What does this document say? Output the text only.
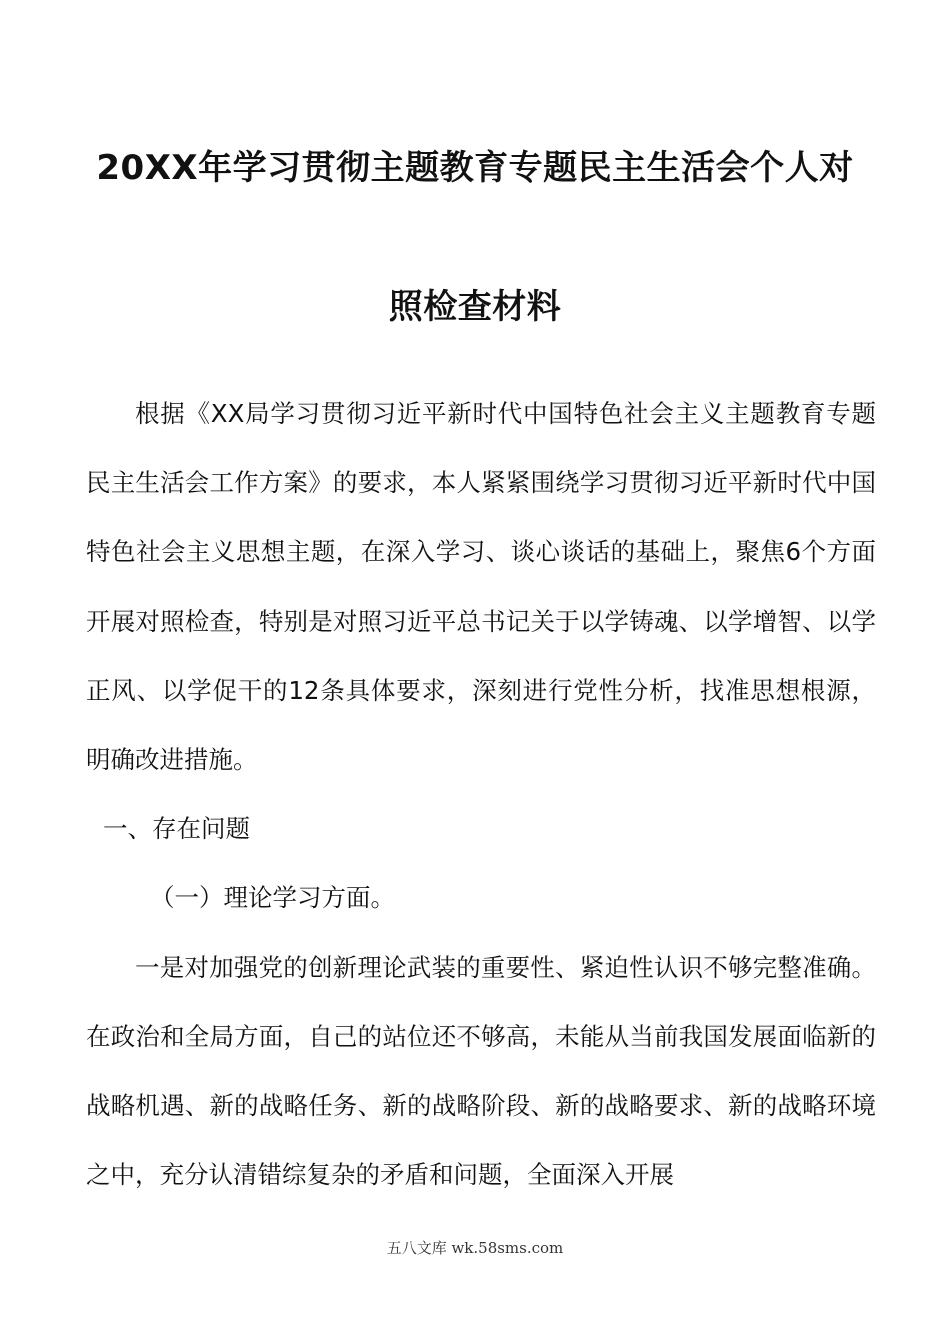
20XX年学习贯彻主题教育专题民主生活会个人对
照检查材料

根据《XX局学习贯彻习近平新时代中国特色社会主义主题教育专题民主生活会工作方案》的要求，本人紧紧围绕学习贯彻习近平新时代中国特色社会主义思想主题，在深入学习、谈心谈话的基础上，聚焦6个方面开展对照检查，特别是对照习近平总书记关于以学铸魂、以学增智、以学正风、以学促干的12条具体要求，深刻进行党性分析，找准思想根源，明确改进措施。

一、存在问题

（一）理论学习方面。

一是对加强党的创新理论武装的重要性、紧迫性认识不够完整准确。在政治和全局方面，自己的站位还不够高，未能从当前我国发展面临新的战略机遇、新的战略任务、新的战略阶段、新的战略要求、新的战略环境之中，充分认清错综复杂的矛盾和问题，全面深入开展

五八文库 wk.58sms.com
